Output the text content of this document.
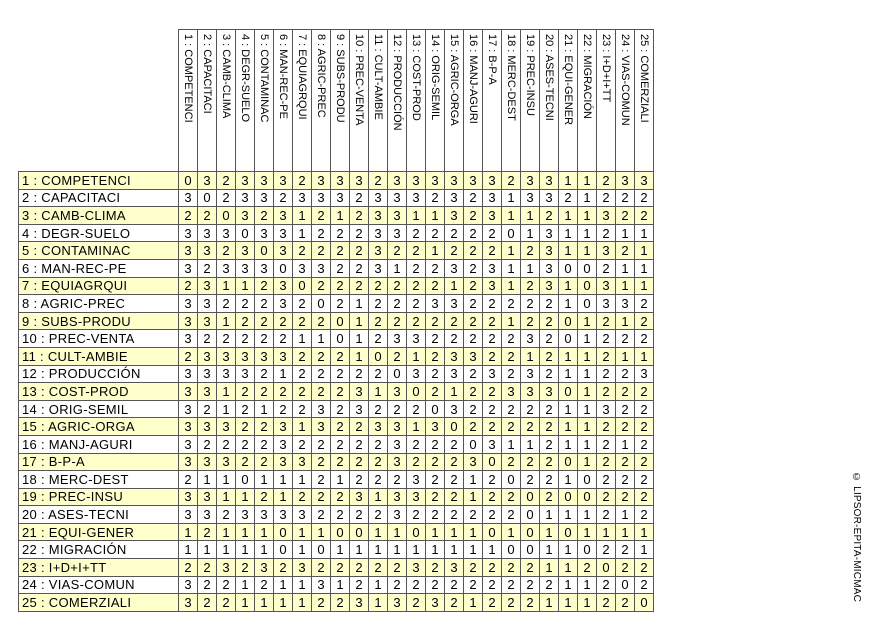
	1 : COMPETENCI	2 : CAPACITACI	3 : CAMB-CLIMA	4 : DEGR-SUELO	5 : CONTAMINAC	6 : MAN-REC-PE	7 : EQUIAGRQUI	8 : AGRIC-PREC	9 : SUBS-PRODU	10 : PREC-VENTA	11 : CULT-AMBIE	12 : PRODUCCIÓN	13 : COST-PROD	14 : ORIG-SEMIL	15 : AGRIC-ORGA	16 : MANJ-AGURI	17 : B-P-A	18 : MERC-DEST	19 : PREC-INSU	20 : ASES-TECNI	21 : EQUI-GENER	22 : MIGRACIÓN	23 : I+D+I+TT	24 : VIAS-COMUN	25 : COMERZIALI

1 : COMPETENCI	0	3	2	3	3	3	2	3	3	3	2	3	3	3	3	3	3	2	3	3	1	1	2	3	3
2 : CAPACITACI	3	0	2	3	3	2	3	3	3	2	3	3	3	2	3	2	3	1	3	3	2	1	2	2	2
3 : CAMB-CLIMA	2	2	0	3	2	3	1	2	1	2	3	3	1	1	3	2	3	1	1	2	1	1	3	2	2
4 : DEGR-SUELO	3	3	3	0	3	3	1	2	2	2	3	3	2	2	2	2	2	0	1	3	1	1	2	1	1
5 : CONTAMINAC	3	3	2	3	0	3	2	2	2	2	3	2	2	1	2	2	2	1	2	3	1	1	3	2	1
6 : MAN-REC-PE	3	2	3	3	3	0	3	3	2	2	3	1	2	2	3	2	3	1	1	3	0	0	2	1	1
7 : EQUIAGRQUI	2	3	1	1	2	3	0	2	2	2	2	2	2	2	1	2	3	1	2	3	1	0	3	1	1
8 : AGRIC-PREC	3	3	2	2	2	3	2	0	2	1	2	2	2	3	3	2	2	2	2	2	1	0	3	3	2
9 : SUBS-PRODU	3	3	1	2	2	2	2	2	0	1	2	2	2	2	2	2	2	1	2	2	0	1	2	1	2
10 : PREC-VENTA	3	2	2	2	2	2	1	1	0	1	2	3	3	2	2	2	2	2	3	2	0	1	2	2	2
11 : CULT-AMBIE	2	3	3	3	3	3	2	2	2	1	0	2	1	2	3	3	2	2	1	2	1	1	2	1	1
12 : PRODUCCIÓN	3	3	3	3	2	1	2	2	2	2	2	0	3	2	3	2	3	2	3	2	1	1	2	2	3
13 : COST-PROD	3	3	1	2	2	2	2	2	2	3	1	3	0	2	1	2	2	3	3	3	0	1	2	2	2
14 : ORIG-SEMIL	3	2	1	2	1	2	2	3	2	3	2	2	2	0	3	2	2	2	2	2	1	1	3	2	2
15 : AGRIC-ORGA	3	3	3	2	2	3	1	3	2	2	3	3	1	3	0	2	2	2	2	2	1	1	2	2	2
16 : MANJ-AGURI	3	2	2	2	2	3	2	2	2	2	2	3	2	2	2	0	3	1	1	2	1	1	2	1	2
17 : B-P-A	3	3	3	2	2	3	3	2	2	2	2	3	2	2	2	3	0	2	2	2	0	1	2	2	2
18 : MERC-DEST	2	1	1	0	1	1	1	2	1	2	2	2	3	2	2	1	2	0	2	2	1	0	2	2	2
19 : PREC-INSU	3	3	1	1	2	1	2	2	2	3	1	3	3	2	2	1	2	2	0	2	0	0	2	2	2
20 : ASES-TECNI	3	3	2	3	3	3	3	2	2	2	2	3	2	2	2	2	2	2	0	1	1	1	2	1	2
21 : EQUI-GENER	1	2	1	1	1	0	1	1	0	0	1	1	0	1	1	1	0	1	0	1	0	1	1	1	1
22 : MIGRACIÓN	1	1	1	1	1	0	1	0	1	1	1	1	1	1	1	1	1	0	0	1	1	0	2	2	1
23 : I+D+I+TT	2	2	3	2	3	2	3	2	2	2	2	2	3	2	3	2	2	2	2	1	1	2	0	2	2
24 : VIAS-COMUN	3	2	2	1	2	1	1	3	1	2	1	2	2	2	2	2	2	2	2	2	1	1	2	0	2
25 : COMERZIALI	3	2	2	1	1	1	1	2	2	3	1	3	2	3	2	1	2	2	2	1	1	1	2	2	0
© LIPSOR-EPITA-MICMAC
